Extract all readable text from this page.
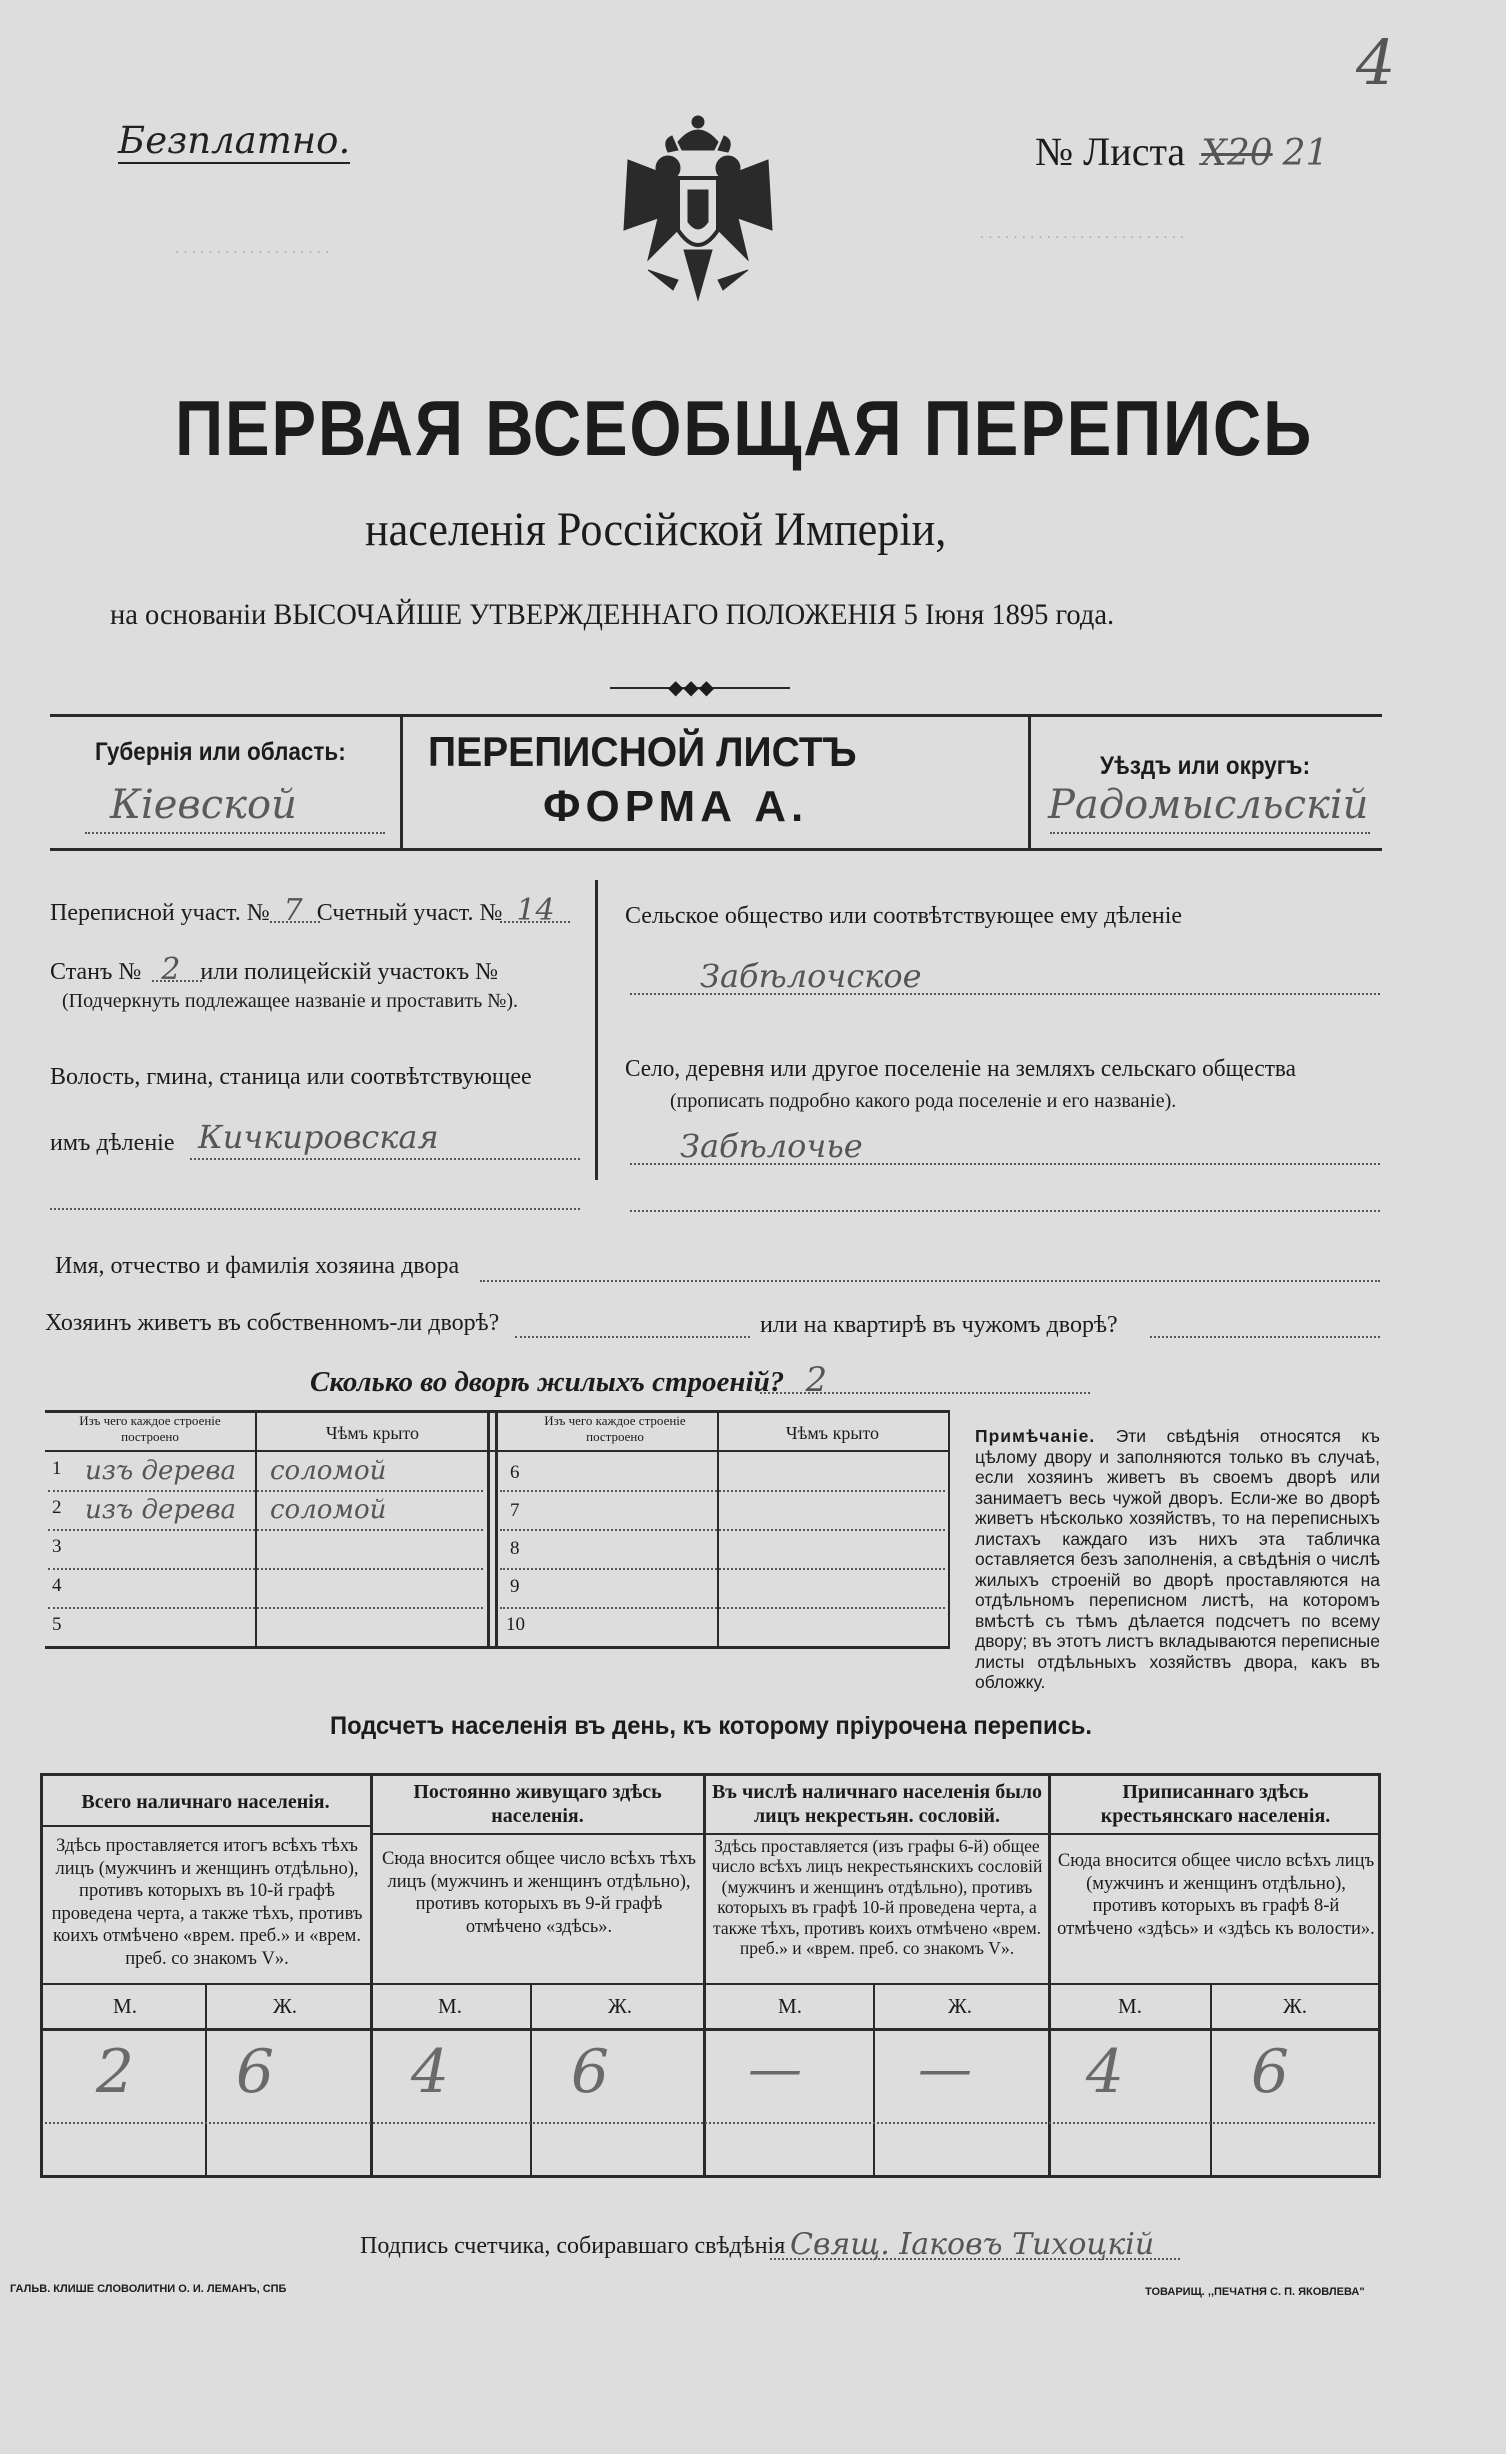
. . . . . . . . . . . . . . . . . . .
. . . . . . . . . . . . . . . . . . . . . . . . .
Безплатно.
4
№ Листа X20 21
ПЕРВАЯ ВСЕОБЩАЯ ПЕРЕПИСЬ
населенія Россійской Имперіи,
на основаніи ВЫСОЧАЙШЕ УТВЕРЖДЕННАГО ПОЛОЖЕНІЯ 5 Іюня 1895 года.
◆◆◆
Губернія или область:
Кіевской
ПЕРЕПИСНОЙ ЛИСТЪ
ФОРМА А.
Уѣздъ или округъ:
Радомысльскій
Переписной участ. № 7 Счетный участ. № 14
Станъ № 2 или полицейскій участокъ №
(Подчеркнуть подлежащее названіе и проставить №).
Волость, гмина, станица или соотвѣтствующее
имъ дѣленіе Кичкировская
Сельское общество или соотвѣтствующее ему дѣленіе
Забѣлочское
Село, деревня или другое поселеніе на земляхъ сельскаго общества
(прописать подробно какого рода поселеніе и его названіе).
Забѣлочье
Имя, отчество и фамилія хозяина двора
Хозяинъ живетъ въ собственномъ-ли дворѣ?	или на квартирѣ въ чужомъ дворѣ?
Сколько во дворѣ жилыхъ строеній? 2
Изъ чего каждое строеніе построено	Чѣмъ крыто
Изъ чего каждое строеніе построено	Чѣмъ крыто
1 изъ дерева соломой
2 изъ дерева соломой
3
4
5
6
7
8
9
10
Примѣчаніе. Эти свѣдѣнія относятся къ цѣлому двору и заполняются только въ случаѣ, если хозяинъ живетъ въ своемъ дворѣ или занимаетъ весь чужой дворъ. Если-же во дворѣ живетъ нѣсколько хозяйствъ, то на переписныхъ листахъ каждаго изъ нихъ эта табличка оставляется безъ заполненія, а свѣдѣнія о числѣ жилыхъ строеній во дворѣ проставляются на отдѣльномъ переписном листѣ, на которомъ вмѣстѣ съ тѣмъ дѣлается подсчетъ по всему двору; въ этотъ листъ вкладываются переписные листы отдѣльныхъ хозяйствъ двора, какъ въ обложку.
Подсчетъ населенія въ день, къ которому пріурочена перепись.
Всего наличнаго населенія.
Здѣсь проставляется итогъ всѣхъ тѣхъ лицъ (мужчинъ и женщинъ отдѣльно), противъ которыхъ въ 10-й графѣ проведена черта, а также тѣхъ, противъ коихъ отмѣчено «врем. преб.» и «врем. преб. со знакомъ V».
М.	Ж.
2	6
Постоянно живущаго здѣсь населенія.
Сюда вносится общее число всѣхъ тѣхъ лицъ (мужчинъ и женщинъ отдѣльно), противъ которыхъ въ 9-й графѣ отмѣчено «здѣсь».
М.	Ж.
4	6
Въ числѣ наличнаго населенія было лицъ некрестьян. сословій.
Здѣсь проставляется (изъ графы 6-й) общее число всѣхъ лицъ некрестьянскихъ сословій (мужчинъ и женщинъ отдѣльно), противъ которыхъ въ графѣ 10-й проведена черта, а также тѣхъ, противъ коихъ отмѣчено «врем. преб.» и «врем. преб. со знакомъ V».
М.	Ж.
—	—
Приписаннаго здѣсь крестьянскаго населенія.
Сюда вносится общее число всѣхъ лицъ (мужчинъ и женщинъ отдѣльно), противъ которыхъ въ графѣ 8-й отмѣчено «здѣсь» и «здѣсь къ волости».
М.	Ж.
4	6
Подпись счетчика, собиравшаго свѣдѣнія Свящ. Іаковъ Тихоцкій
ГАЛЬВ. КЛИШЕ СЛОВОЛИТНИ О. И. ЛЕМАНЪ, СПБ	ТОВАРИЩ. ,,ПЕЧАТНЯ С. П. ЯКОВЛЕВА"
